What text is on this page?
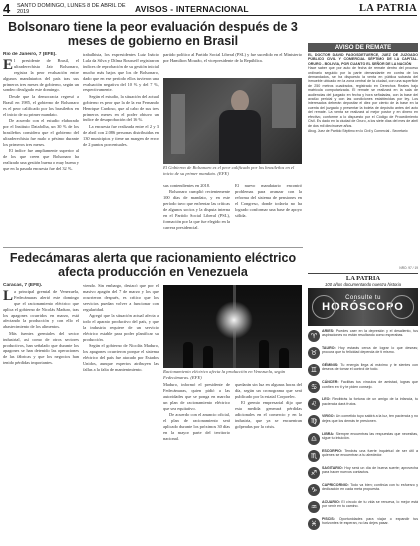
4	SANTO DOMINGO, LUNES 8 DE ABRIL DE 2019	AVISOS - INTERNACIONAL	LA PATRIA
Bolsonaro tiene la peor evaluación después de 3 meses de gobierno en Brasil
Río de Janeiro, 7 (EFE).
E l presidente de Brasil, el ultraderechista Jair Bolsonaro, registra la peor evaluación entre algunos mandatarios del país tras sus primeros tres meses de gobierno, según un sondeo divulgado este domingo.

Desde que la democracia regresó a Brasil en 1985, el gobierno de Bolsonaro es el peor calificado por los brasileños en el inicio de su primer mandato.

De acuerdo con el estudio elaborado por el Instituto Datafolha, un 30 % de los brasileños considera que el gobierno del ultraderechista fue malo o pésimo durante los primeros tres meses.

El índice fue ampliamente superior al de los que creen que Bolsonaro ha realizado una gestión buena o muy buena y que en la pasada encuesta fue del 32 %.

trabalhista, los expresidentes Luiz Inácio Lula da Silva y Dilma Rousseff registraron índices de reprobación de su gestión inicial mucho más bajos que los de Bolsonaro, dado que en ese período ellos tuvieron una evaluación negativa del 10 % y del 7 %, respectivamente.

Según el estudio, la situación del actual gobierno es peor que la de la era Fernando Henrique Cardoso, que al cabo de sus tres primeros meses en el poder obtuvo un índice de desaprobación del 16 %.

La encuesta fue realizada entre el 2 y 3 de abril con 2.086 personas distribuidas en 130 municipios y tiene un margen de error de 2 puntos porcentuales.

partido político al Partido Social Liberal (PSL) y fue sucedido en el Ministerio por Hamilton Mourão, el vicepresidente de la República.

El Gobierno de Bolsonaro es el peor calificado por los brasileños en el inicio de su primer mandato. (EFE)

sus contendientes en 2018.

Bolsonaro cumplió recientemente 100 días de mandato, y en este período tuvo que enfrentar las críticas de algunos socios y la disputa interna en el Partido Social Liberal (PSL), formación por la que fue elegido en la carrera presidencial.

El nuevo mandatario encontró problemas para avanzar con la reforma del sistema de pensiones en el Congreso, donde todavía no ha logrado conformar una base de apoyo sólida.

Fedecámaras alerta que racionamiento eléctrico afecta producción en Venezuela
Caracas, 7 (EFE).
L a principal gremial de Venezuela, Fedecámaras alertó este domingo que el racionamiento eléctrico que aplica el gobierno de Nicolás Maduro, tras los apagones ocurridos en marzo, está afectando la producción y con ello el abastecimiento de los alimentos.

Más fuentes gremiales del sector industrial, así como de otros sectores productivos, han señalado que durante los apagones se han detenido las operaciones de las fábricas y que los negocios han tenido pérdidas importantes.

viendo. Sin embargo, destacó que por el masivo apagón del 7 de marzo y los que ocurrieron después, es crítico que los servicios puedan volver a funcionar con regularidad.

Agregó que la situación actual afecta a todo el aparato productivo del país, y que la industria requiere de un servicio eléctrico estable para poder planificar su producción.

Según el gobierno de Nicolás Maduro, los apagones ocurrieron porque el sistema eléctrico del país fue atacado por Estados Unidos, aunque expertos atribuyen las fallas a la falta de mantenimiento.	Racionamiento eléctrico afecta la producción en Venezuela, según Fedecámaras. (EFE)

Maduro, informó el presidente de Fedecámaras, quien pidió a las autoridades que se ponga en marcha un plan de racionamiento eléctrico que sea equitativo.

De acuerdo con el anuncio oficial, el plan de racionamiento será aplicado durante los próximos 30 días en la mayor parte del territorio nacional.

quedarán sin luz en algunas horas del día, según un cronograma que será publicado por la estatal Corpoelec.

El gremio empresarial dijo que esta medida generará pérdidas adicionales en el comercio y en la industria, que ya se encuentran golpeadas por la crisis.

AVISO DE REMATE
EL DOCTOR DAVID FAGOSDETUERCE, JUEZ DE JUZGADO PÚBLICO CIVIL Y COMERCIAL SÉPTIMO DE LA CAPITAL. ORURO - BOLIVIA, POR CUANTO EL SEÑOR DE LA NACIÓN
Hace saber que por auto de fecha de remate dentro del proceso ordinario seguido por la parte demandante en contra de los demandados, se ha dispuesto la venta en pública subasta del inmueble ubicado en la zona central de la ciudad, con una superficie de 250 metros cuadrados, registrado en Derechos Reales bajo matrícula computarizada. El remate se realizará en la sala de audiencias del juzgado en fecha y hora señaladas, con la base del avalúo pericial y con las condiciones establecidas por ley. Los interesados deberán depositar el diez por ciento de la base en la cuenta del juzgado y presentar la boleta de depósito antes del acto del remate. La venta se realizará al mejor postor y en dinero en efectivo, conforme a lo dispuesto por el Código de Procedimiento Civil. Es dado en la ciudad de Oruro, a los siete días del mes de abril de dos mil diecinueve años.
Abog. Juez de Partido Séptimo en lo Civil y Comercial - Secretario
NRO. 97 / 19
LA PATRIA
100 años documentando nuestra historia
Consulte tu
HORÓSCOPO
♈
ARIES: Puedes caer en la depresión y el desaliento, tus aspiraciones no están resultando como esperabas.
♉
TAURO: Hoy estarás cerca de lograr lo que deseas; procura que tu felicidad dependa de ti mismo.
♊
GÉMINIS: Tu energía llega al máximo y te sientes con deseos de tomar el control de todo.
♋
CÁNCER: Facilitas tus vínculos de amistad, logras que confíen en ti y te piden consejo.
♌
LEO: Recibirás la fortuna de un amigo de la infancia, tu paciencia dará frutos.
♍
VIRGO: Un cometido tuyo saldrá a la luz, ten paciencia y no dejes que los demás te presionen.
♎
LIBRA: Siempre encuentras las respuestas que necesitas, sigue tu intuición.
♏
ESCORPIO: Tendrás una fuerte inquietud de ser útil a quienes se encuentran a tu alrededor.
♐
SAGITARIO: Hoy será un día de buena suerte; aprovecha para hacer nuevos contactos.
♑
CAPRICORNIO: Todo va bien; continúa con tu esfuerzo y dedicación en cada meta propuesta.
♒
ACUARIO: El círculo de tu vida se renueva, lo mejor está por venir en tu camino.
♓
PISCIS: Oportunidades para viajar o expandir tus horizontes te esperan, no las dejes pasar.
